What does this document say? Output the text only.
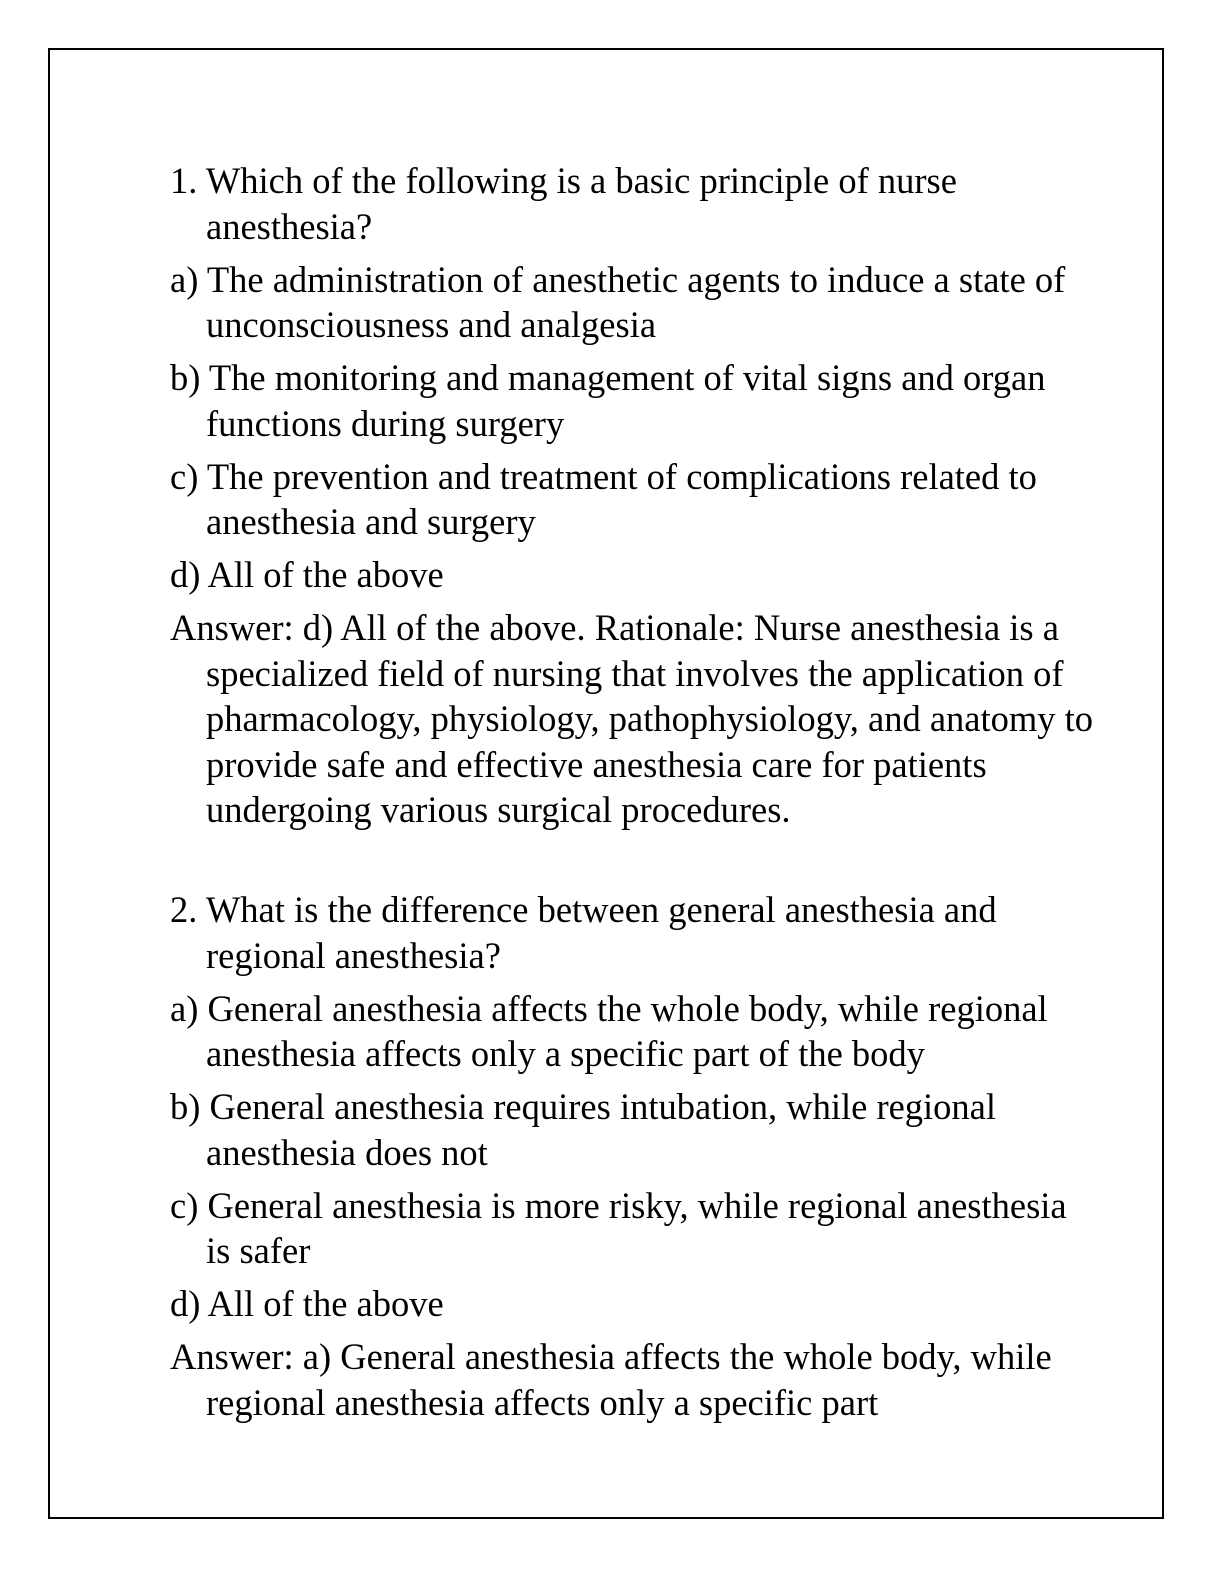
1. Which of the following is a basic principle of nurse anesthesia?

a) The administration of anesthetic agents to induce a state of unconsciousness and analgesia

b) The monitoring and management of vital signs and organ functions during surgery

c) The prevention and treatment of complications related to anesthesia and surgery

d) All of the above

Answer: d) All of the above. Rationale: Nurse anesthesia is a specialized field of nursing that involves the application of pharmacology, physiology, pathophysiology, and anatomy to provide safe and effective anesthesia care for patients undergoing various surgical procedures.

2. What is the difference between general anesthesia and regional anesthesia?

a) General anesthesia affects the whole body, while regional anesthesia affects only a specific part of the body

b) General anesthesia requires intubation, while regional anesthesia does not

c) General anesthesia is more risky, while regional anesthesia is safer

d) All of the above

Answer: a) General anesthesia affects the whole body, while regional anesthesia affects only a specific part
